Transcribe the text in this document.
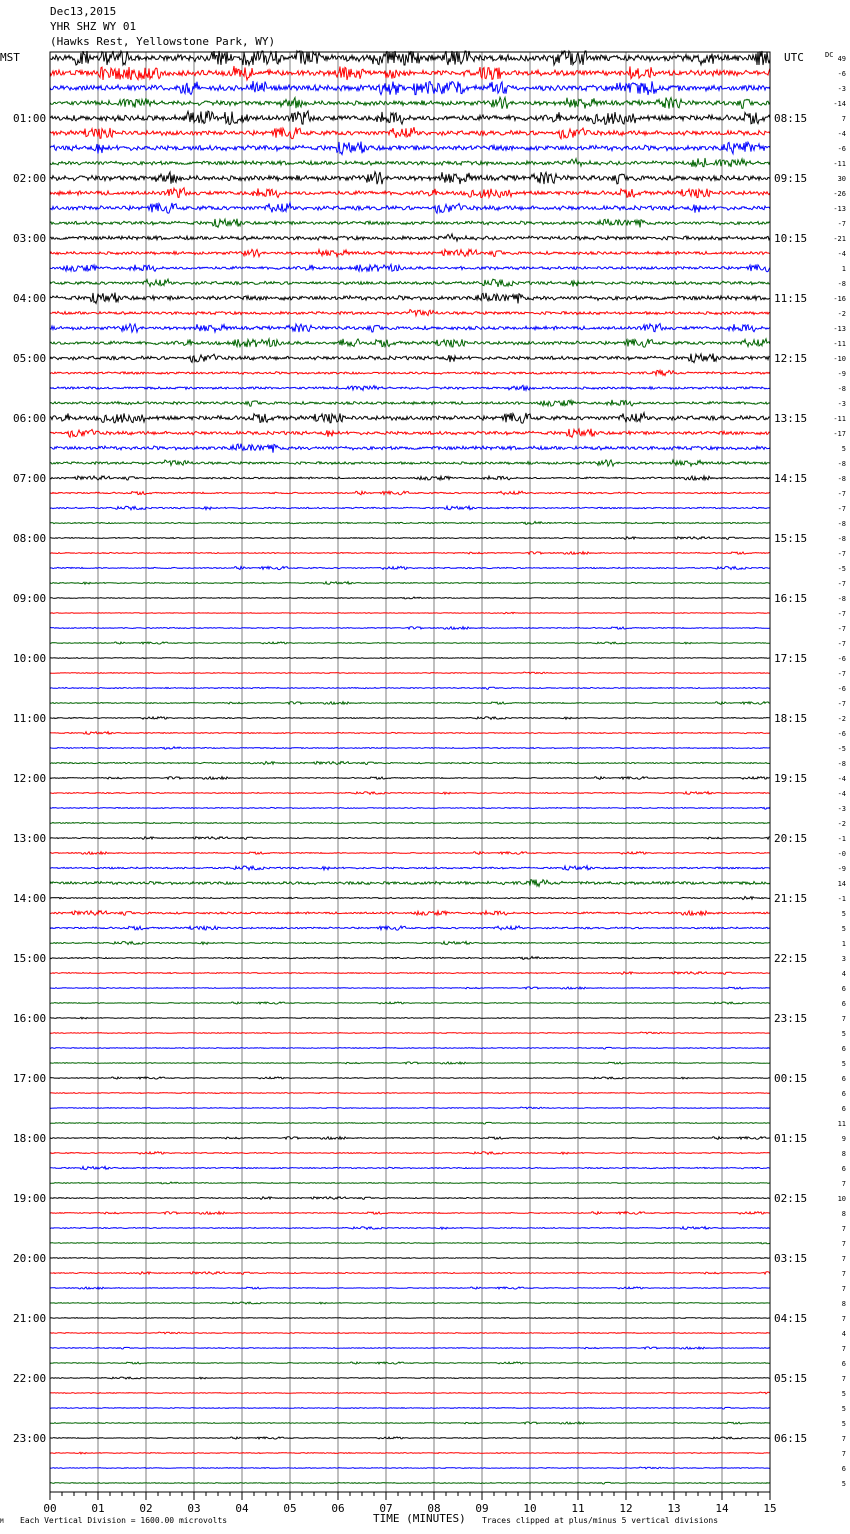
Dec13,2015
YHR SHZ WY 01
(Hawks Rest, Yellowstone Park, WY)
00	01	02	03	04	05	06	07	08	09	10	11	12	13	14	15
01:00
02:00
03:00
04:00
05:00
06:00
07:00
08:00
09:00
10:00
11:00
12:00
13:00
14:00
15:00
16:00
17:00
18:00
19:00
20:00
21:00
22:00
23:00
08:15
09:15
10:15
11:15
12:15
13:15
14:15
15:15
16:15
17:15
18:15
19:15
20:15
21:15
22:15
23:15
00:15
01:15
02:15
03:15
04:15
05:15
06:15
49
-6
-3
-14
7
-4
-6
-11
30
-26
-13
-7
-21
-4
1
-8
-16
-2
-13
-11
-10
-9
-8
-3
-11
-17
5
-8
-8
-7
-7
-8
-8
-7
-5
-7
-8
-7
-7
-7
-6
-7
-6
-7
-2
-6
-5
-8
-4
-4
-3
-2
-1
-0
-9
14
-1
5
5
1
3
4
6
6
7
5
6
5
6
6
6
11
9
8
6
7
10
8
7
7
7
7
7
8
7
4
7
6
7
5
5
5
7
7
6
5
MST	UTC	DC
TIME (MINUTES)
Each Vertical Division = 1600.00 microvolts	Traces clipped at plus/minus 5 vertical divisions
M
